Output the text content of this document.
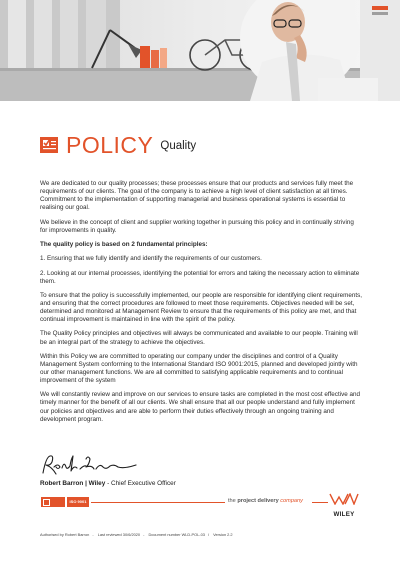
POLICY Quality

We are dedicated to our quality processes; these processes ensure that our products and services fully meet the requirements of our clients. The goal of the company is to achieve a high level of client satisfaction at all times. Commitment to the implementation of supporting managerial and business operational systems is essential to realising our goal.

We believe in the concept of client and supplier working together in pursuing this policy and in continually striving for improvements in quality.

The quality policy is based on 2 fundamental principles:

1. Ensuring that we fully identify and identify the requirements of our customers.

2. Looking at our internal processes, identifying the potential for errors and taking the necessary action to eliminate them.

To ensure that the policy is successfully implemented, our people are responsible for identifying client requirements, and ensuring that the correct procedures are followed to meet those requirements. Objectives needed will be set, determined and monitored at Management Review to ensure that the requirements of this policy are met, and that continual improvement is maintained in line with the spirit of the policy.

The Quality Policy principles and objectives will always be communicated and available to our people. Training will be an integral part of the strategy to achieve the objectives.

Within this Policy we are committed to operating our company under the disciplines and control of a Quality Management System conforming to the International Standard ISO 9001:2015, planned and developed jointly with our other management functions. We are all committed to satisfying applicable requirements and to continual improvement of the system

We will constantly review and improve on our services to ensure tasks are completed in the most cost effective and timely manner for the benefit of all our clients. We shall ensure that all our people understand and fully implement our policies and objectives and are able to perform their duties effectively through an ongoing training and development program.

Robert Barron | Wiley - Chief Executive Officer
ISO 9001	the project delivery company
WILEY
Authorised by Robert Barron - Last reviewed 30/6/2020 - Document number WLD-POL-03 / Version 2.2
